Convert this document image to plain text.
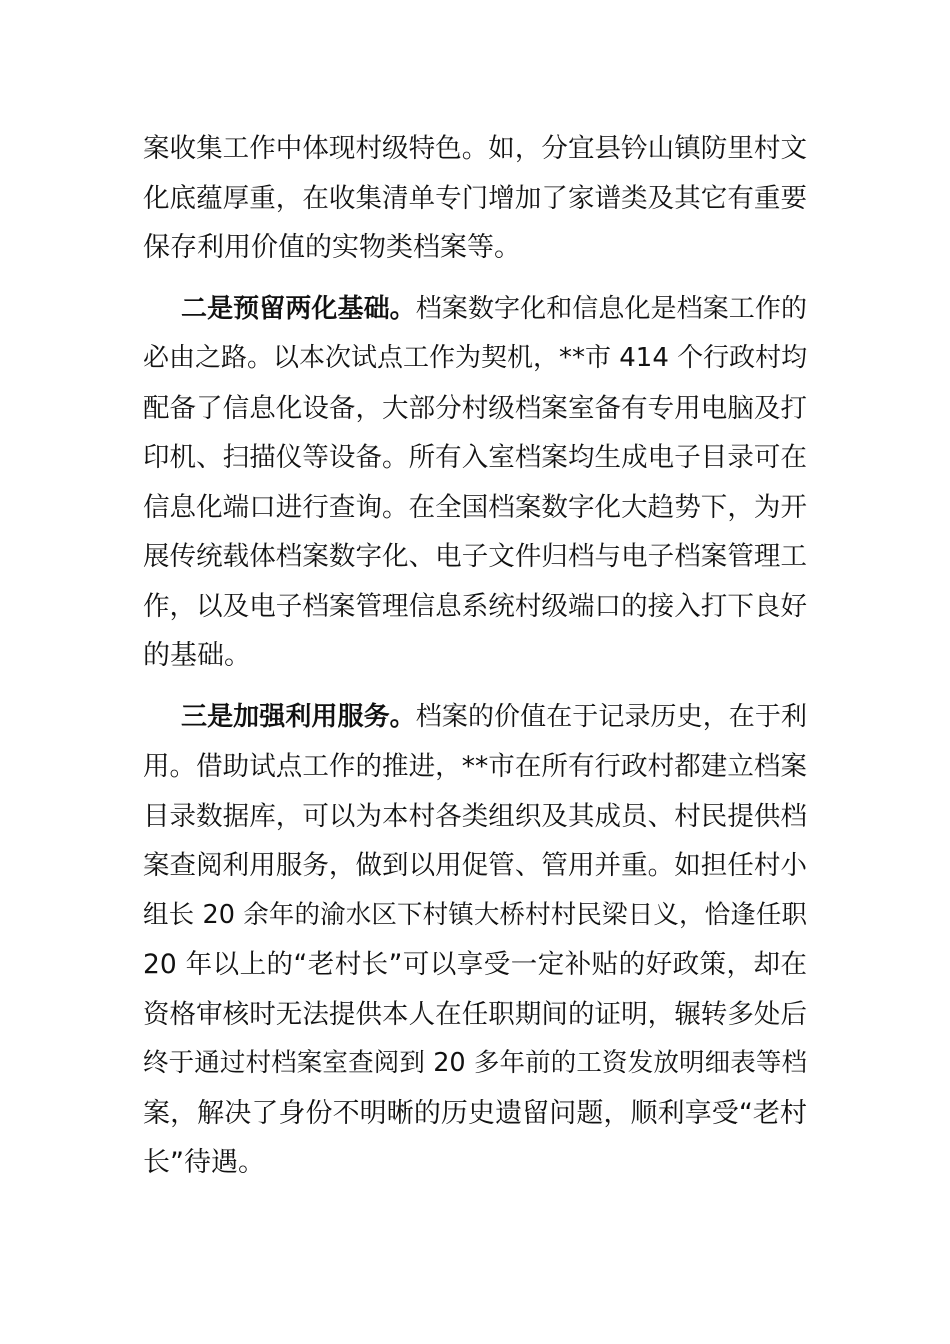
案收集工作中体现村级特色。如，分宜县钤山镇防里村文
化底蕴厚重，在收集清单专门增加了家谱类及其它有重要
保存利用价值的实物类档案等。
二是预留两化基础。档案数字化和信息化是档案工作的
必由之路。以本次试点工作为契机，**市 414 个行政村均
配备了信息化设备，大部分村级档案室备有专用电脑及打
印机、扫描仪等设备。所有入室档案均生成电子目录可在
信息化端口进行查询。在全国档案数字化大趋势下，为开
展传统载体档案数字化、电子文件归档与电子档案管理工
作，以及电子档案管理信息系统村级端口的接入打下良好
的基础。
三是加强利用服务。档案的价值在于记录历史，在于利
用。借助试点工作的推进，**市在所有行政村都建立档案
目录数据库，可以为本村各类组织及其成员、村民提供档
案查阅利用服务，做到以用促管、管用并重。如担任村小
组长 20 余年的渝水区下村镇大桥村村民梁日义，恰逢任职
20 年以上的“老村长”可以享受一定补贴的好政策，却在
资格审核时无法提供本人在任职期间的证明，辗转多处后
终于通过村档案室查阅到 20 多年前的工资发放明细表等档
案，解决了身份不明晰的历史遗留问题，顺利享受“老村
长”待遇。
